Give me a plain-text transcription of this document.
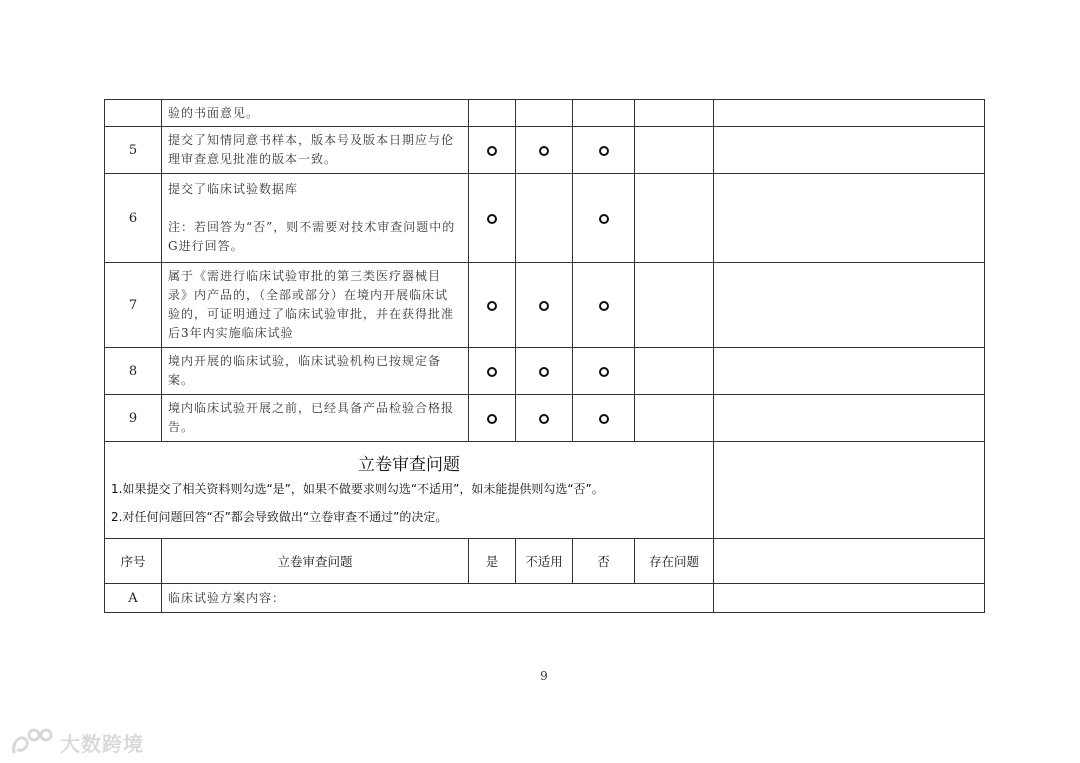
	验的书面意见。					

5	提交了知情同意书样本，版本号及版本日期应与伦
理审查意见批准的版本一致。					

6	提交了临床试验数据库
注：若回答为“否”，则不需要对技术审查问题中的
G进行回答。					

7	属于《需进行临床试验审批的第三类医疗器械目
录》内产品的，（全部或部分）在境内开展临床试
验的，可证明通过了临床试验审批，并在获得批准
后3年内实施临床试验					

8	境内开展的临床试验，临床试验机构已按规定备
案。					

9	境内临床试验开展之前，已经具备产品检验合格报
告。					

立卷审查问题
1.如果提交了相关资料则勾选“是”，如果不做要求则勾选“不适用”，如未能提供则勾选“否”。
2.对任何问题回答“否”都会导致做出“立卷审查不通过”的决定。						

序号	立卷审查问题	是	不适用	否	存在问题	
A	临床试验方案内容：					
9
大数跨境
